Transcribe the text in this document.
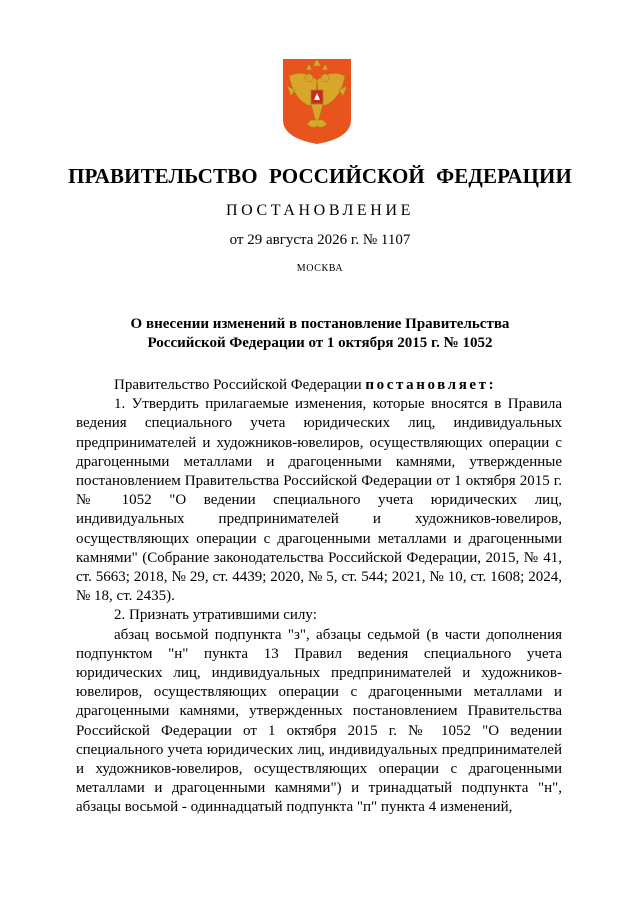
ПРАВИТЕЛЬСТВО РОССИЙСКОЙ ФЕДЕРАЦИИ
ПОСТАНОВЛЕНИЕ
от 29 августа 2026 г. № 1107
МОСКВА
О внесении изменений в постановление Правительства Российской Федерации от 1 октября 2015 г. № 1052

Правительство Российской Федерации постановляет:

1. Утвердить прилагаемые изменения, которые вносятся в Правила ведения специального учета юридических лиц, индивидуальных предпринимателей и художников-ювелиров, осуществляющих операции с драгоценными металлами и драгоценными камнями, утвержденные постановлением Правительства Российской Федерации от 1 октября 2015 г. № 1052 "О ведении специального учета юридических лиц, индивидуальных предпринимателей и художников-ювелиров, осуществляющих операции с драгоценными металлами и драгоценными камнями" (Собрание законодательства Российской Федерации, 2015, № 41, ст. 5663; 2018, № 29, ст. 4439; 2020, № 5, ст. 544; 2021, № 10, ст. 1608; 2024, № 18, ст. 2435).

2. Признать утратившими силу:

абзац восьмой подпункта "з", абзацы седьмой (в части дополнения подпунктом "н" пункта 13 Правил ведения специального учета юридических лиц, индивидуальных предпринимателей и художников-ювелиров, осуществляющих операции с драгоценными металлами и драгоценными камнями, утвержденных постановлением Правительства Российской Федерации от 1 октября 2015 г. № 1052 "О ведении специального учета юридических лиц, индивидуальных предпринимателей и художников-ювелиров, осуществляющих операции с драгоценными металлами и драгоценными камнями") и тринадцатый подпункта "н", абзацы восьмой - одиннадцатый подпункта "п" пункта 4 изменений,
